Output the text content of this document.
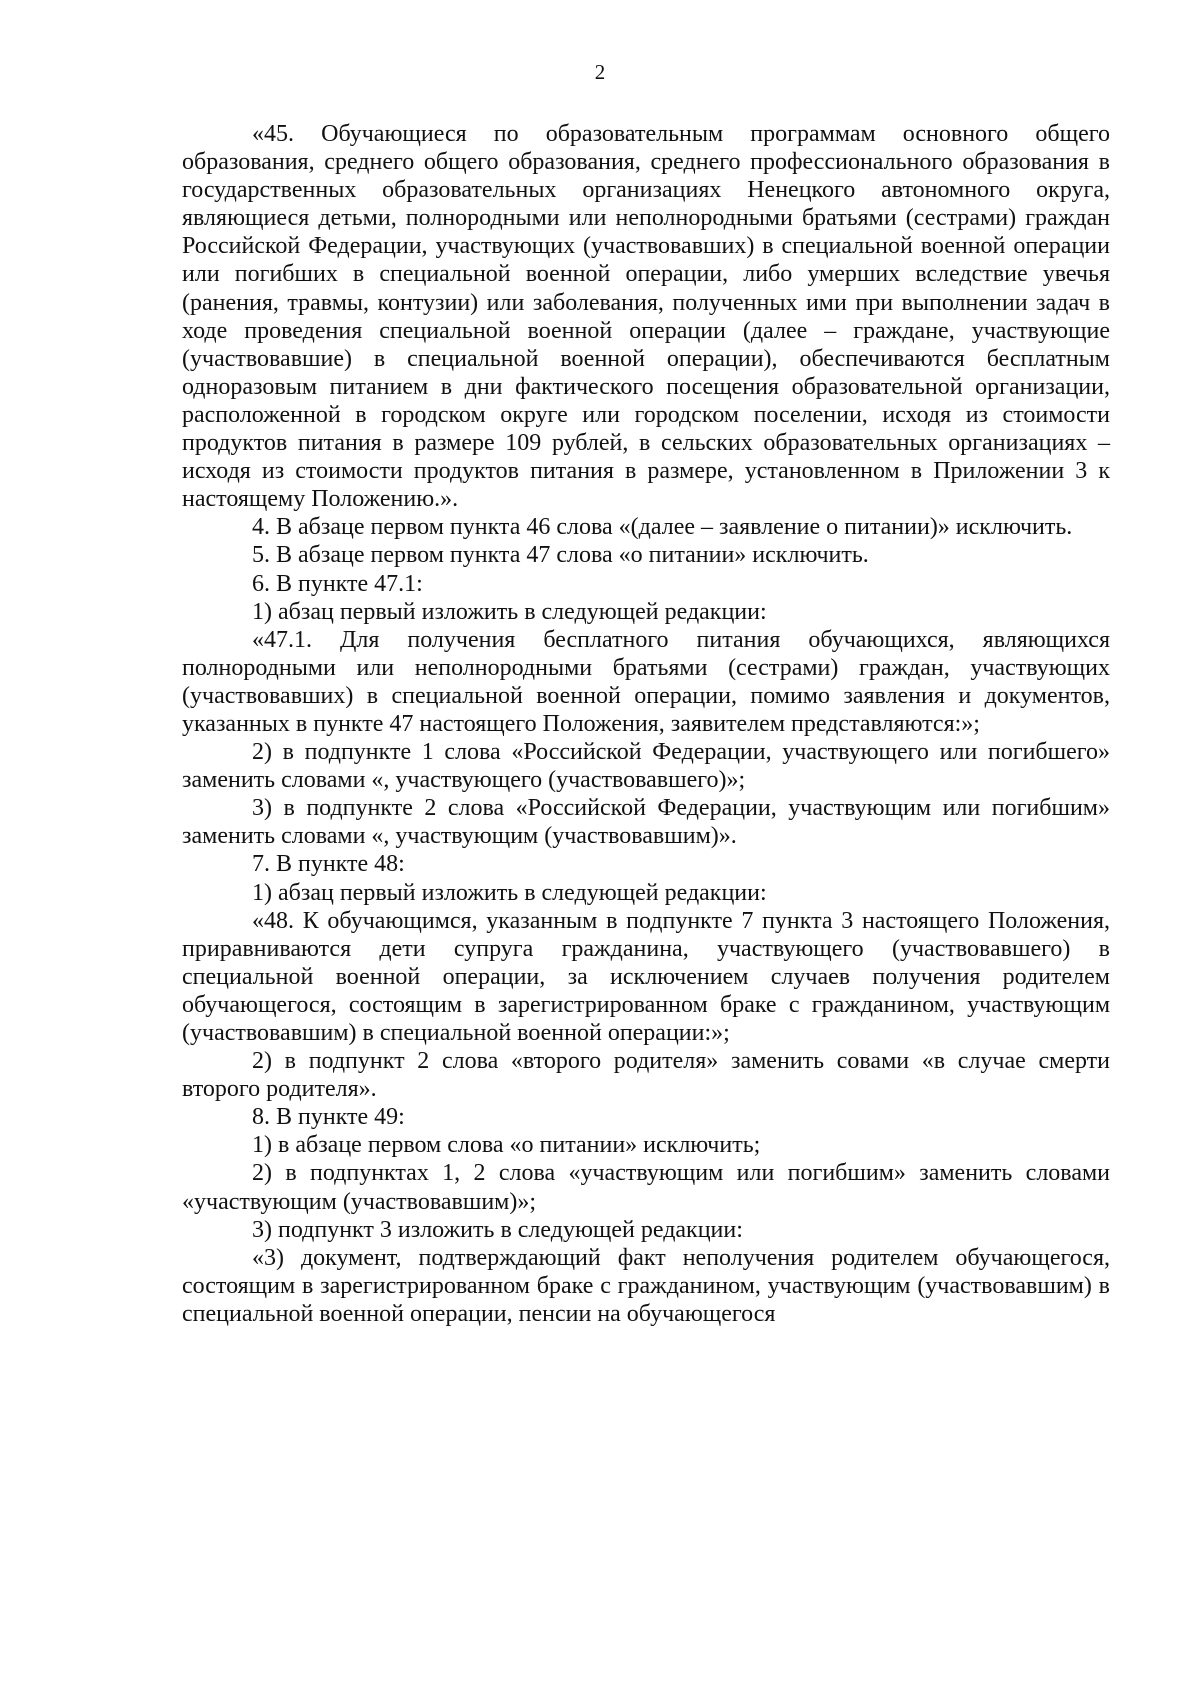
2

«45. Обучающиеся по образовательным программам основного общего образования, среднего общего образования, среднего профессионального образования в государственных образовательных организациях Ненецкого автономного округа, являющиеся детьми, полнородными или неполнородными братьями (сестрами) граждан Российской Федерации, участвующих (участвовавших) в специальной военной операции или погибших в специальной военной операции, либо умерших вследствие увечья (ранения, травмы, контузии) или заболевания, полученных ими при выполнении задач в ходе проведения специальной военной операции (далее – граждане, участвующие (участвовавшие) в специальной военной операции), обеспечиваются бесплатным одноразовым питанием в дни фактического посещения образовательной организации, расположенной в городском округе или городском поселении, исходя из стоимости продуктов питания в размере 109 рублей, в сельских образовательных организациях – исходя из стоимости продуктов питания в размере, установленном в Приложении 3 к настоящему Положению.».

4. В абзаце первом пункта 46 слова «(далее – заявление о питании)» исключить.

5. В абзаце первом пункта 47 слова «о питании» исключить.

6. В пункте 47.1:

1) абзац первый изложить в следующей редакции:

«47.1. Для получения бесплатного питания обучающихся, являющихся полнородными или неполнородными братьями (сестрами) граждан, участвующих (участвовавших) в специальной военной операции, помимо заявления и документов, указанных в пункте 47 настоящего Положения, заявителем представляются:»;

2) в подпункте 1 слова «Российской Федерации, участвующего или погибшего» заменить словами «, участвующего (участвовавшего)»;

3) в подпункте 2 слова «Российской Федерации, участвующим или погибшим» заменить словами «, участвующим (участвовавшим)».

7. В пункте 48:

1) абзац первый изложить в следующей редакции:

«48. К обучающимся, указанным в подпункте 7 пункта 3 настоящего Положения, приравниваются дети супруга гражданина, участвующего (участвовавшего) в специальной военной операции, за исключением случаев получения родителем обучающегося, состоящим в зарегистрированном браке с гражданином, участвующим (участвовавшим) в специальной военной операции:»;

2) в подпункт 2 слова «второго родителя» заменить совами «в случае смерти второго родителя».

8. В пункте 49:

1) в абзаце первом слова «о питании» исключить;

2) в подпунктах 1, 2 слова «участвующим или погибшим» заменить словами «участвующим (участвовавшим)»;

3) подпункт 3 изложить в следующей редакции:

«3) документ, подтверждающий факт неполучения родителем обучающегося, состоящим в зарегистрированном браке с гражданином, участвующим (участвовавшим) в специальной военной операции, пенсии на обучающегося
